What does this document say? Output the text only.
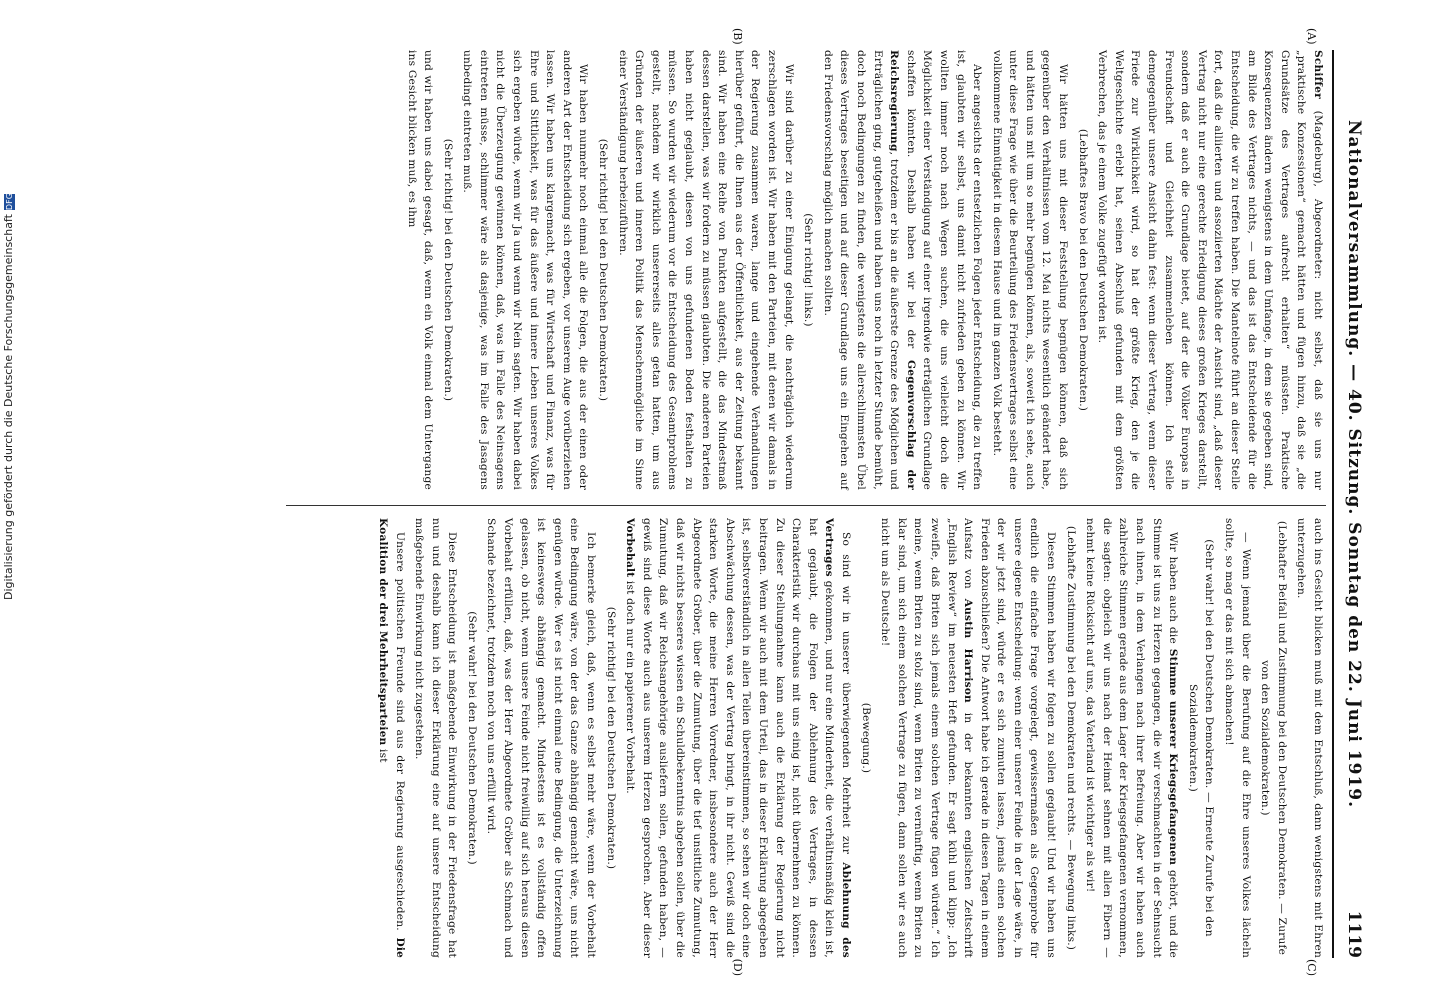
Nationalversammlung. — 40. Sitzung. Sonntag den 22. Juni 1919.
1119
(A)
(B)
(C)
(D)

Schiffer (Magdeburg), Abgeordneter: nicht selbst, daß sie uns nur „praktische Konzessionen“ gemacht hätten und fügen hinzu, daß sie „die Grundsätze des Vertrages aufrecht erhalten“ müssten. Praktische Konsequenzen ändern wenigstens in dem Umfange, in dem sie gegeben sind, am Bilde des Vertrages nichts, — und das ist das Entscheidende für die Entscheidung, die wir zu treffen haben. Die Mantelnote führt an dieser Stelle fort, daß die alliierten und assoziierten Mächte der Ansicht sind, „daß dieser Vertrag nicht nur eine gerechte Erledigung dieses großen Krieges darstellt, sondern daß er auch die Grundlage bietet, auf der die Völker Europas in Freundschaft und Gleichheit zusammenleben können. Ich stelle demgegenüber unsere Ansicht dahin fest: wenn dieser Vertrag, wenn dieser Friede zur Wirklichkeit wird, so hat der größte Krieg, den je die Weltgeschichte erlebt hat, seinen Abschluß gefunden mit dem größten Verbrechen, das je einem Volke zugefügt worden ist.

(Lebhaftes Bravo bei den Deutschen Demokraten.)

Wir hätten uns mit dieser Feststellung begnügen können, daß sich gegenüber den Verhältnissen vom 12. Mai nichts wesentlich geändert habe, und hätten uns mit um so mehr begnügen können, als, soweit ich sehe, auch unter diese Frage wie über die Beurteilung des Friedensvertrages selbst eine vollkommene Einmütigkeit in diesem Hause und im ganzen Volk besteht.

Aber angesichts der entsetzlichen Folgen jeder Entscheidung, die zu treffen ist, glaubten wir selbst, uns damit nicht zufrieden geben zu können. Wir wollten immer noch nach Wegen suchen, die uns vielleicht doch die Möglichkeit einer Verständigung auf einer irgendwie erträglichen Grundlage schaffen könnten. Deshalb haben wir bei der Gegenvorschlag der Reichsregierung, trotzdem er bis an die äußerste Grenze des Möglichen und Erträglichen ging, gutgeheißen und haben uns noch in letzter Stunde bemüht, doch noch Bedingungen zu finden, die wenigstens die allerschlimmsten Übel dieses Vertrages beseitigen und auf dieser Grundlage uns ein Eingehen auf den Friedensvorschlag möglich machen sollten.

(Sehr richtig! links.)

Wir sind darüber zu einer Einigung gelangt, die nachträglich wiederum zerschlagen worden ist. Wir haben mit den Parteien, mit denen wir damals in der Regierung zusammen waren, lange und eingehende Verhandlungen hierüber geführt, die Ihnen aus der Öffentlichkeit, aus der Zeitung bekannt sind. Wir haben eine Reihe von Punkten aufgestellt, die das Mindestmaß dessen darstellen, was wir fordern zu müssen glaubten. Die anderen Parteien haben nicht geglaubt, diesen von uns gefundenen Boden festhalten zu müssen. So wurden wir wiederum vor die Entscheidung des Gesamtproblems gestellt, nachdem wir wirklich unsererseits alles getan hatten, um aus Gründen der äußeren und inneren Politik das Menschenmögliche im Sinne einer Verständigung herbeizuführen.

(Sehr richtig! bei den Deutschen Demokraten.)

Wir haben nunmehr noch einmal alle die Folgen, die aus der einen oder anderen Art der Entscheidung sich ergeben, vor unserem Auge vorüberziehen lassen. Wir haben uns klargemacht, was für Wirtschaft und Finanz, was für Ehre und Sittlichkeit, was für das äußere und innere Leben unseres Volkes sich ergeben würde, wenn wir Ja und wenn wir Nein sagten. Wir haben dabei nicht die Überzeugung gewinnen können, daß, was im Falle des Neinsagens eintreten müsse, schlimmer wäre als dasjenige, was im Falle des Jasagens unbedingt eintreten muß.

(Sehr richtig! bei den Deutschen Demokraten.)

und wir haben uns dabei gesagt, daß, wenn ein Volk einmal dem Untergange ins Gesicht blicken muß, es ihm

auch ins Gesicht blicken muß mit dem Entschluß, dann wenigstens mit Ehren unterzugehen.

(Lebhafter Beifall und Zustimmung bei den Deutschen Demokraten. — Zurufe von den Sozialdemokraten.)

— Wenn jemand über die Berufung auf die Ehre unseres Volkes lächeln sollte, so mag er das mit sich abmachen!

(Sehr wahr! bei den Deutschen Demokraten. — Erneute Zurufe bei den Sozialdemokraten.)

Wir haben auch die Stimme unserer Kriegsgefangenen gehört, und die Stimme ist uns zu Herzen gegangen, die wir verschmachten in der Sehnsucht nach ihnen, in dem Verlangen nach ihrer Befreiung. Aber wir haben auch zahlreiche Stimmen gerade aus dem Lager der Kriegsgefangenen vernommen, die sagten: obgleich wir uns nach der Heimat sehnen mit allen Fibern — nehmt keine Rücksicht auf uns, das Vaterland ist wichtiger als wir!

(Lebhafte Zustimmung bei den Demokraten und rechts. — Bewegung links.)

Diesen Stimmen haben wir folgen zu sollen geglaubt! Und wir haben uns endlich die einfache Frage vorgelegt, gewissermaßen als Gegenprobe für unsere eigene Entscheidung: wenn einer unserer Feinde in der Lage wäre, in der wir jetzt sind, würde er es sich zumuten lassen, jemals einen solchen Frieden abzuschließen? Die Antwort habe ich gerade in diesen Tagen in einem Aufsatz von Austin Harrison in der bekannten englischen Zeitschrift „English Review“ im neuesten Heft gefunden. Er sagt kühl und klipp: „Ich zweifle, daß Briten sich jemals einem solchen Vertrage fügen würden.“ Ich meine, wenn Briten zu stolz sind, wenn Briten zu vernünftig, wenn Briten zu klar sind, um sich einem solchen Vertrage zu fügen, dann sollen wir es auch nicht um als Deutsche!

(Bewegung.)

So sind wir in unserer überwiegenden Mehrheit zur Ablehnung des Vertrages gekommen, und nur eine Minderheit, die verhältnismäßig klein ist, hat geglaubt, die Folgen der Ablehnung des Vertrages, in dessen Charakteristik wir durchaus mit uns einig ist, nicht übernehmen zu können. Zu dieser Stellungnahme kann auch die Erklärung der Regierung nicht beitragen. Wenn wir auch mit dem Urteil, das in dieser Erklärung abgegeben ist, selbstverständlich in allen Teilen übereinstimmen, so sehen wir doch eine Abschwächung dessen, was der Vertrag bringt, in ihr nicht. Gewiß sind die starken Worte, die meine Herren Vorredner, insbesondere auch der Herr Abgeordnete Gröber, über die Zumutung, über die tief unsittliche Zumutung, daß wir nichts besseres wissen ein Schuldbekenntnis abgeben sollen, über die Zumutung, daß wir Reichsangehörige ausliefern sollen, gefunden haben, — gewiß sind diese Worte auch aus unserem Herzen gesprochen. Aber dieser Vorbehalt ist doch nur ein papierener Vorbehalt.

(Sehr richtig! bei den Deutschen Demokraten.)

Ich bemerke gleich, daß, wenn es selbst mehr wäre, wenn der Vorbehalt eine Bedingung wäre, von der das Ganze abhängig gemacht wäre, uns nicht genügen würde. Wer es ist nicht einmal eine Bedingung, die Unterzeichnung ist keineswegs abhängig gemacht. Mindestens ist es vollständig offen gelassen, ob nicht, wenn unsere Feinde nicht freiwillig auf sich heraus diesen Vorbehalt erfüllen, daß, was der Herr Abgeordnete Gröber als Schmach und Schande bezeichnet, trotzdem noch von uns erfüllt wird.

(Sehr wahr! bei den Deutschen Demokraten.)

Diese Entscheidung ist maßgebende Einwirkung in der Friedensfrage hat nun und deshalb kann ich dieser Erklärung eine auf unsere Entscheidung maßgebende Einwirkung nicht zugestehen.

Unsere politischen Freunde sind aus der Regierung ausgeschieden. Die Koalition der drei Mehrheitsparteien ist

Digitalisierung gefördert durch die Deutsche ForschungsgemeinschaftDFG
